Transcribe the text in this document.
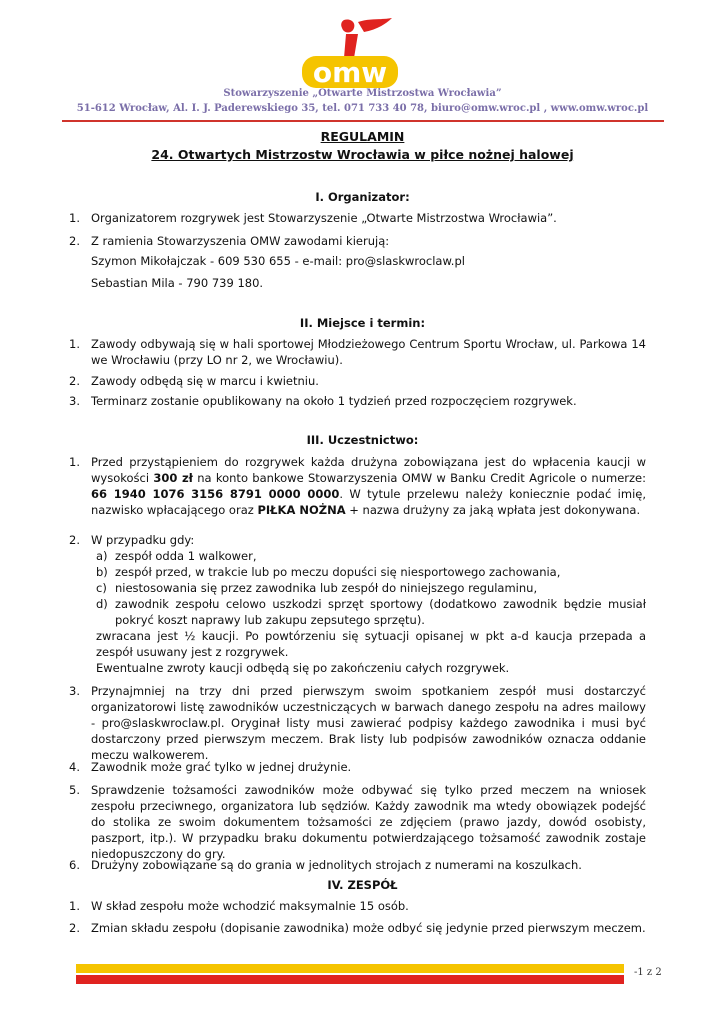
omw
Stowarzyszenie „Otwarte Mistrzostwa Wrocławia”
51-612 Wrocław, Al. I. J. Paderewskiego 35, tel. 071 733 40 78, biuro@omw.wroc.pl , www.omw.wroc.pl
REGULAMIN
24. Otwartych Mistrzostw Wrocławia w piłce nożnej halowej
I. Organizator:
1. Organizatorem rozgrywek jest Stowarzyszenie „Otwarte Mistrzostwa Wrocławia”.
2. Z ramienia Stowarzyszenia OMW zawodami kierują:
Szymon Mikołajczak - 609 530 655 - e-mail: pro@slaskwroclaw.pl
Sebastian Mila - 790 739 180.
II. Miejsce i termin:
1. Zawody odbywają się w hali sportowej Młodzieżowego Centrum Sportu Wrocław, ul. Parkowa 14 we Wrocławiu (przy LO nr 2, we Wrocławiu).
2. Zawody odbędą się w marcu i kwietniu.
3. Terminarz zostanie opublikowany na około 1 tydzień przed rozpoczęciem rozgrywek.
III. Uczestnictwo:
1. Przed przystąpieniem do rozgrywek każda drużyna zobowiązana jest do wpłacenia kaucji w wysokości 300 zł na konto bankowe Stowarzyszenia OMW w Banku Credit Agricole o numerze: 66 1940 1076 3156 8791 0000 0000. W tytule przelewu należy koniecznie podać imię, nazwisko wpłacającego oraz PIŁKA NOŻNA + nazwa drużyny za jaką wpłata jest dokonywana.
2. W przypadku gdy:
a) zespół odda 1 walkower,
b) zespół przed, w trakcie lub po meczu dopuści się niesportowego zachowania,
c) niestosowania się przez zawodnika lub zespół do niniejszego regulaminu,
d) zawodnik zespołu celowo uszkodzi sprzęt sportowy (dodatkowo zawodnik będzie musiał pokryć koszt naprawy lub zakupu zepsutego sprzętu).
zwracana jest ½ kaucji. Po powtórzeniu się sytuacji opisanej w pkt a-d kaucja przepada a zespół usuwany jest z rozgrywek.
Ewentualne zwroty kaucji odbędą się po zakończeniu całych rozgrywek.
3. Przynajmniej na trzy dni przed pierwszym swoim spotkaniem zespół musi dostarczyć organizatorowi listę zawodników uczestniczących w barwach danego zespołu na adres mailowy - pro@slaskwroclaw.pl. Oryginał listy musi zawierać podpisy każdego zawodnika i musi być dostarczony przed pierwszym meczem. Brak listy lub podpisów zawodników oznacza oddanie meczu walkowerem.
4. Zawodnik może grać tylko w jednej drużynie.
5. Sprawdzenie tożsamości zawodników może odbywać się tylko przed meczem na wniosek zespołu przeciwnego, organizatora lub sędziów. Każdy zawodnik ma wtedy obowiązek podejść do stolika ze swoim dokumentem tożsamości ze zdjęciem (prawo jazdy, dowód osobisty, paszport, itp.). W przypadku braku dokumentu potwierdzającego tożsamość zawodnik zostaje niedopuszczony do gry.
6. Drużyny zobowiązane są do grania w jednolitych strojach z numerami na koszulkach.
IV. ZESPÓŁ
1. W skład zespołu może wchodzić maksymalnie 15 osób.
2. Zmian składu zespołu (dopisanie zawodnika) może odbyć się jedynie przed pierwszym meczem.
-1 z 2
